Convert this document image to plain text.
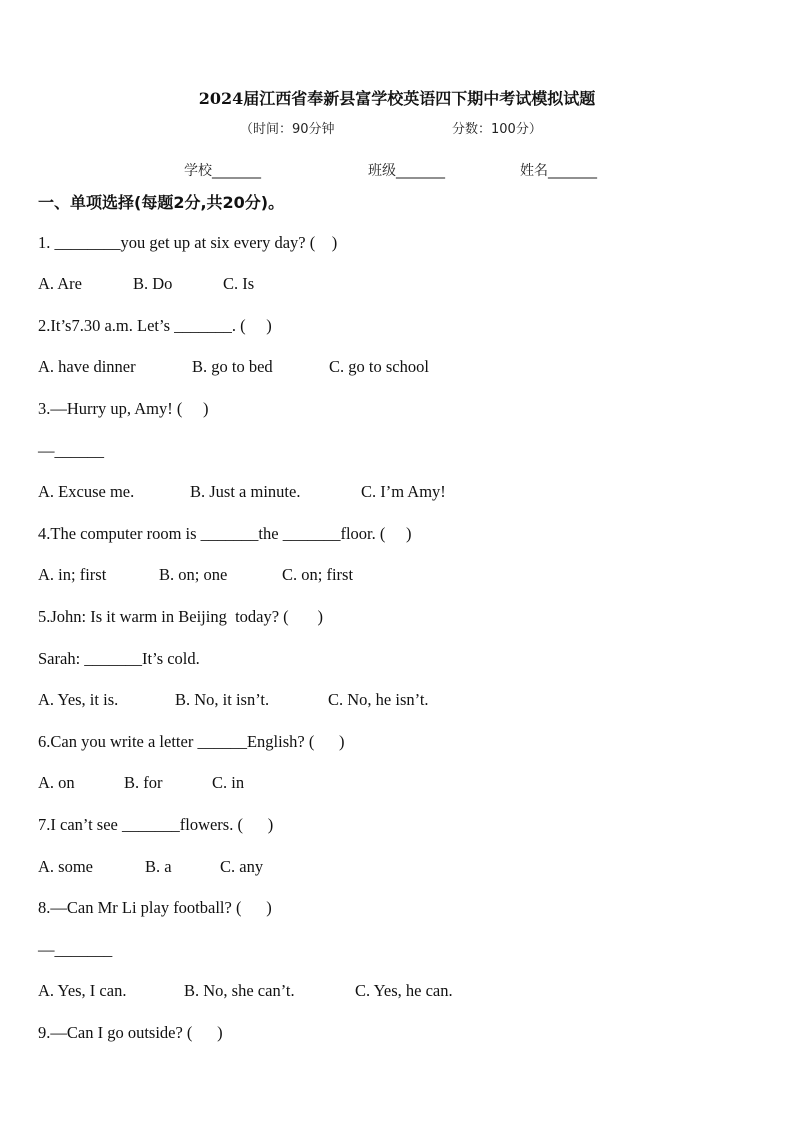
2024届江西省奉新县富学校英语四下期中考试模拟试题
（时间：90分钟	分数：100分）
学校_______	班级_______	姓名_______
一、单项选择(每题2分,共20分)。
1. ________you get up at six every day? (    )
A. Are	B. Do	C. Is
2.It’s7.30 a.m. Let’s _______. (     )
A. have dinner	B. go to bed	C. go to school
3.—Hurry up, Amy! (     )
—______
A. Excuse me.	B. Just a minute.	C. I’m Amy!
4.The computer room is _______the _______floor. (     )
A. in; first	B. on; one	C. on; first
5.John: Is it warm in Beijing  today? (       )
Sarah: _______It’s cold.
A. Yes, it is.	B. No, it isn’t.	C. No, he isn’t.
6.Can you write a letter ______English? (      )
A. on	B. for	C. in
7.I can’t see _______flowers. (      )
A. some	B. a	C. any
8.—Can Mr Li play football? (      )
—_______
A. Yes, I can.	B. No, she can’t.	C. Yes, he can.
9.—Can I go outside? (      )
